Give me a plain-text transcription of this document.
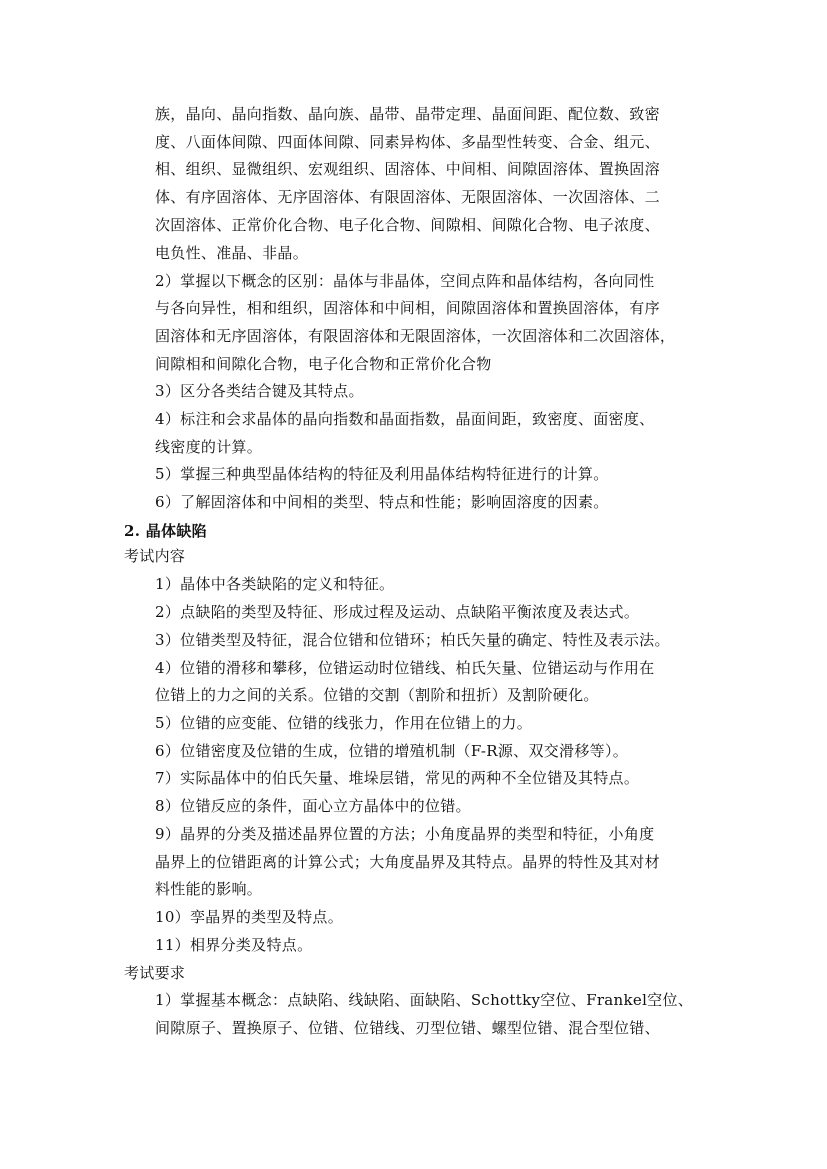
族，晶向、晶向指数、晶向族、晶带、晶带定理、晶面间距、配位数、致密
度、八面体间隙、四面体间隙、同素异构体、多晶型性转变、合金、组元、
相、组织、显微组织、宏观组织、固溶体、中间相、间隙固溶体、置换固溶
体、有序固溶体、无序固溶体、有限固溶体、无限固溶体、一次固溶体、二
次固溶体、正常价化合物、电子化合物、间隙相、间隙化合物、电子浓度、
电负性、准晶、非晶。
2）掌握以下概念的区别：晶体与非晶体，空间点阵和晶体结构，各向同性
与各向异性，相和组织，固溶体和中间相，间隙固溶体和置换固溶体，有序
固溶体和无序固溶体，有限固溶体和无限固溶体，一次固溶体和二次固溶体，
间隙相和间隙化合物，电子化合物和正常价化合物
3）区分各类结合键及其特点。
4）标注和会求晶体的晶向指数和晶面指数，晶面间距，致密度、面密度、
线密度的计算。
5）掌握三种典型晶体结构的特征及利用晶体结构特征进行的计算。
6）了解固溶体和中间相的类型、特点和性能；影响固溶度的因素。
2. 晶体缺陷
考试内容
1）晶体中各类缺陷的定义和特征。
2）点缺陷的类型及特征、形成过程及运动、点缺陷平衡浓度及表达式。
3）位错类型及特征，混合位错和位错环；柏氏矢量的确定、特性及表示法。
4）位错的滑移和攀移，位错运动时位错线、柏氏矢量、位错运动与作用在
位错上的力之间的关系。位错的交割（割阶和扭折）及割阶硬化。
5）位错的应变能、位错的线张力，作用在位错上的力。
6）位错密度及位错的生成，位错的增殖机制（F-R源、双交滑移等）。
7）实际晶体中的伯氏矢量、堆垛层错，常见的两种不全位错及其特点。
8）位错反应的条件，面心立方晶体中的位错。
9）晶界的分类及描述晶界位置的方法；小角度晶界的类型和特征，小角度
晶界上的位错距离的计算公式；大角度晶界及其特点。晶界的特性及其对材
料性能的影响。
10）孪晶界的类型及特点。
11）相界分类及特点。
考试要求
1）掌握基本概念：点缺陷、线缺陷、面缺陷、Schottky空位、Frankel空位、
间隙原子、置换原子、位错、位错线、刃型位错、螺型位错、混合型位错、
